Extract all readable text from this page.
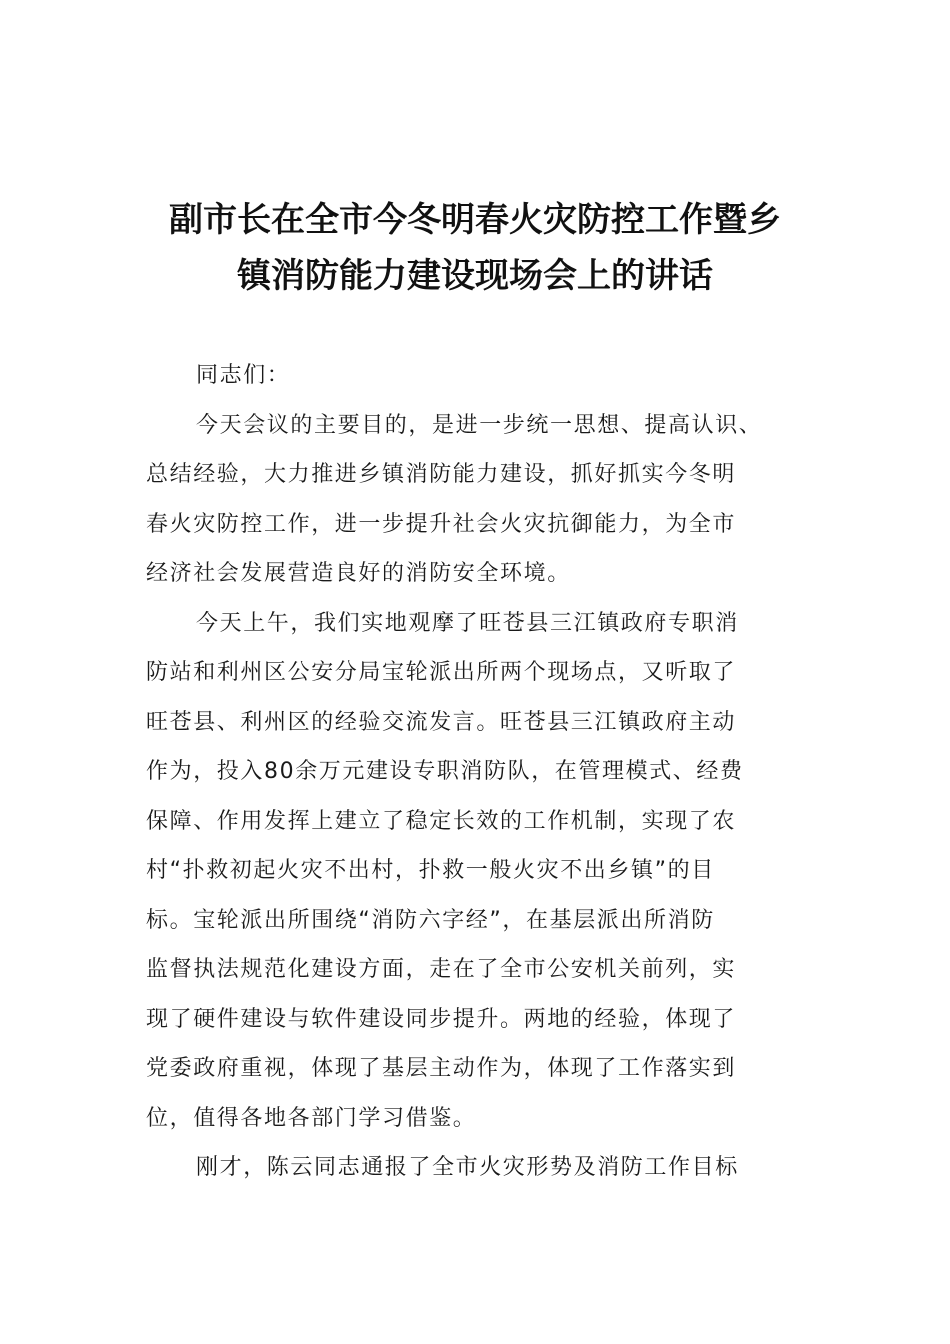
副市长在全市今冬明春火灾防控工作暨乡
镇消防能力建设现场会上的讲话
同志们：
今天会议的主要目的，是进一步统一思想、提高认识、
总结经验，大力推进乡镇消防能力建设，抓好抓实今冬明
春火灾防控工作，进一步提升社会火灾抗御能力，为全市
经济社会发展营造良好的消防安全环境。
今天上午，我们实地观摩了旺苍县三江镇政府专职消
防站和利州区公安分局宝轮派出所两个现场点，又听取了
旺苍县、利州区的经验交流发言。旺苍县三江镇政府主动
作为，投入80余万元建设专职消防队，在管理模式、经费
保障、作用发挥上建立了稳定长效的工作机制，实现了农
村“扑救初起火灾不出村，扑救一般火灾不出乡镇”的目
标。宝轮派出所围绕“消防六字经”，在基层派出所消防
监督执法规范化建设方面，走在了全市公安机关前列，实
现了硬件建设与软件建设同步提升。两地的经验，体现了
党委政府重视，体现了基层主动作为，体现了工作落实到
位，值得各地各部门学习借鉴。
刚才，陈云同志通报了全市火灾形势及消防工作目标
